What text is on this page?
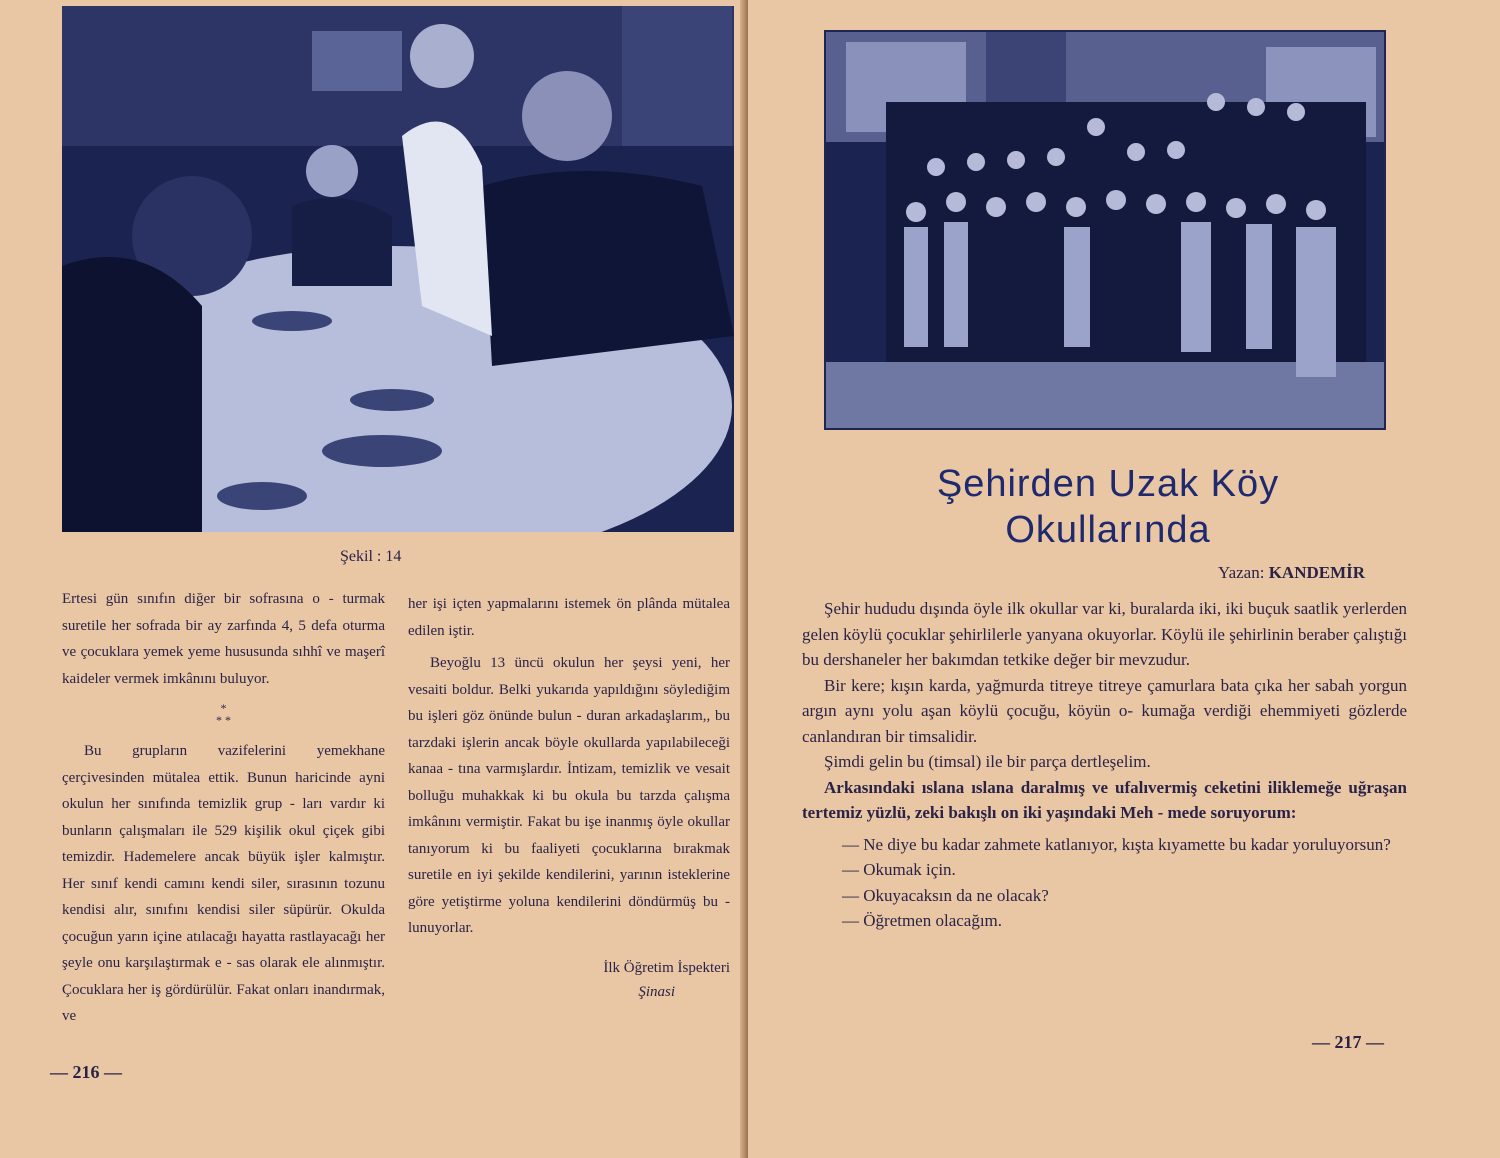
Şekil : 14

Ertesi gün sınıfın diğer bir sofrasına o - turmak suretile her sofrada bir ay zarfında 4, 5 defa oturma ve çocuklara yemek yeme hususunda sıhhî ve maşerî kaideler vermek imkânını buluyor.

*
* *

Bu grupların vazifelerini yemekhane çerçivesinden mütalea ettik. Bunun haricinde ayni okulun her sınıfında temizlik grup - ları vardır ki bunların çalışmaları ile 529 kişilik okul çiçek gibi temizdir. Hademelere ancak büyük işler kalmıştır. Her sınıf kendi camını kendi siler, sırasının tozunu kendisi alır, sınıfını kendisi siler süpürür. Okulda çocuğun yarın içine atılacağı hayatta rastlayacağı her şeyle onu karşılaştırmak e - sas olarak ele alınmıştır. Çocuklara her iş gördürülür. Fakat onları inandırmak, ve

her işi içten yapmalarını istemek ön plânda mütalea edilen iştir.

Beyoğlu 13 üncü okulun her şeysi yeni, her vesaiti boldur. Belki yukarıda yapıldığını söylediğim bu işleri göz önünde bulun - duran arkadaşlarım,, bu tarzdaki işlerin ancak böyle okullarda yapılabileceği kanaa - tına varmışlardır. İntizam, temizlik ve vesait bolluğu muhakkak ki bu okula bu tarzda çalışma imkânını vermiştir. Fakat bu işe inanmış öyle okullar tanıyorum ki bu faaliyeti çocuklarına bırakmak suretile en iyi şekilde kendilerini, yarının isteklerine göre yetiştirme yoluna kendilerini döndürmüş bu - lunuyorlar.

İlk Öğretim İspekteri
Şinasi
— 216 —
Şehirden Uzak Köy
Okullarında
Yazan: KANDEMİR

Şehir hududu dışında öyle ilk okullar var ki, buralarda iki, iki buçuk saatlik yerlerden gelen köylü çocuklar şehirlilerle yanyana okuyorlar. Köylü ile şehirlinin beraber çalıştığı bu dershaneler her bakımdan tetkike değer bir mevzudur.

Bir kere; kışın karda, yağmurda titreye titreye çamurlara bata çıka her sabah yorgun argın aynı yolu aşan köylü çocuğu, köyün o- kumağa verdiği ehemmiyeti gözlerde canlandıran bir timsalidir.

Şimdi gelin bu (timsal) ile bir parça dertleşelim.

Arkasındaki ıslana ıslana daralmış ve ufalıvermiş ceketini iliklemeğe uğraşan tertemiz yüzlü, zeki bakışlı on iki yaşındaki Meh - mede soruyorum:

— Ne diye bu kadar zahmete katlanıyor, kışta kıyamette bu kadar yoruluyorsun?

— Okumak için.

— Okuyacaksın da ne olacak?

— Öğretmen olacağım.

— 217 —
